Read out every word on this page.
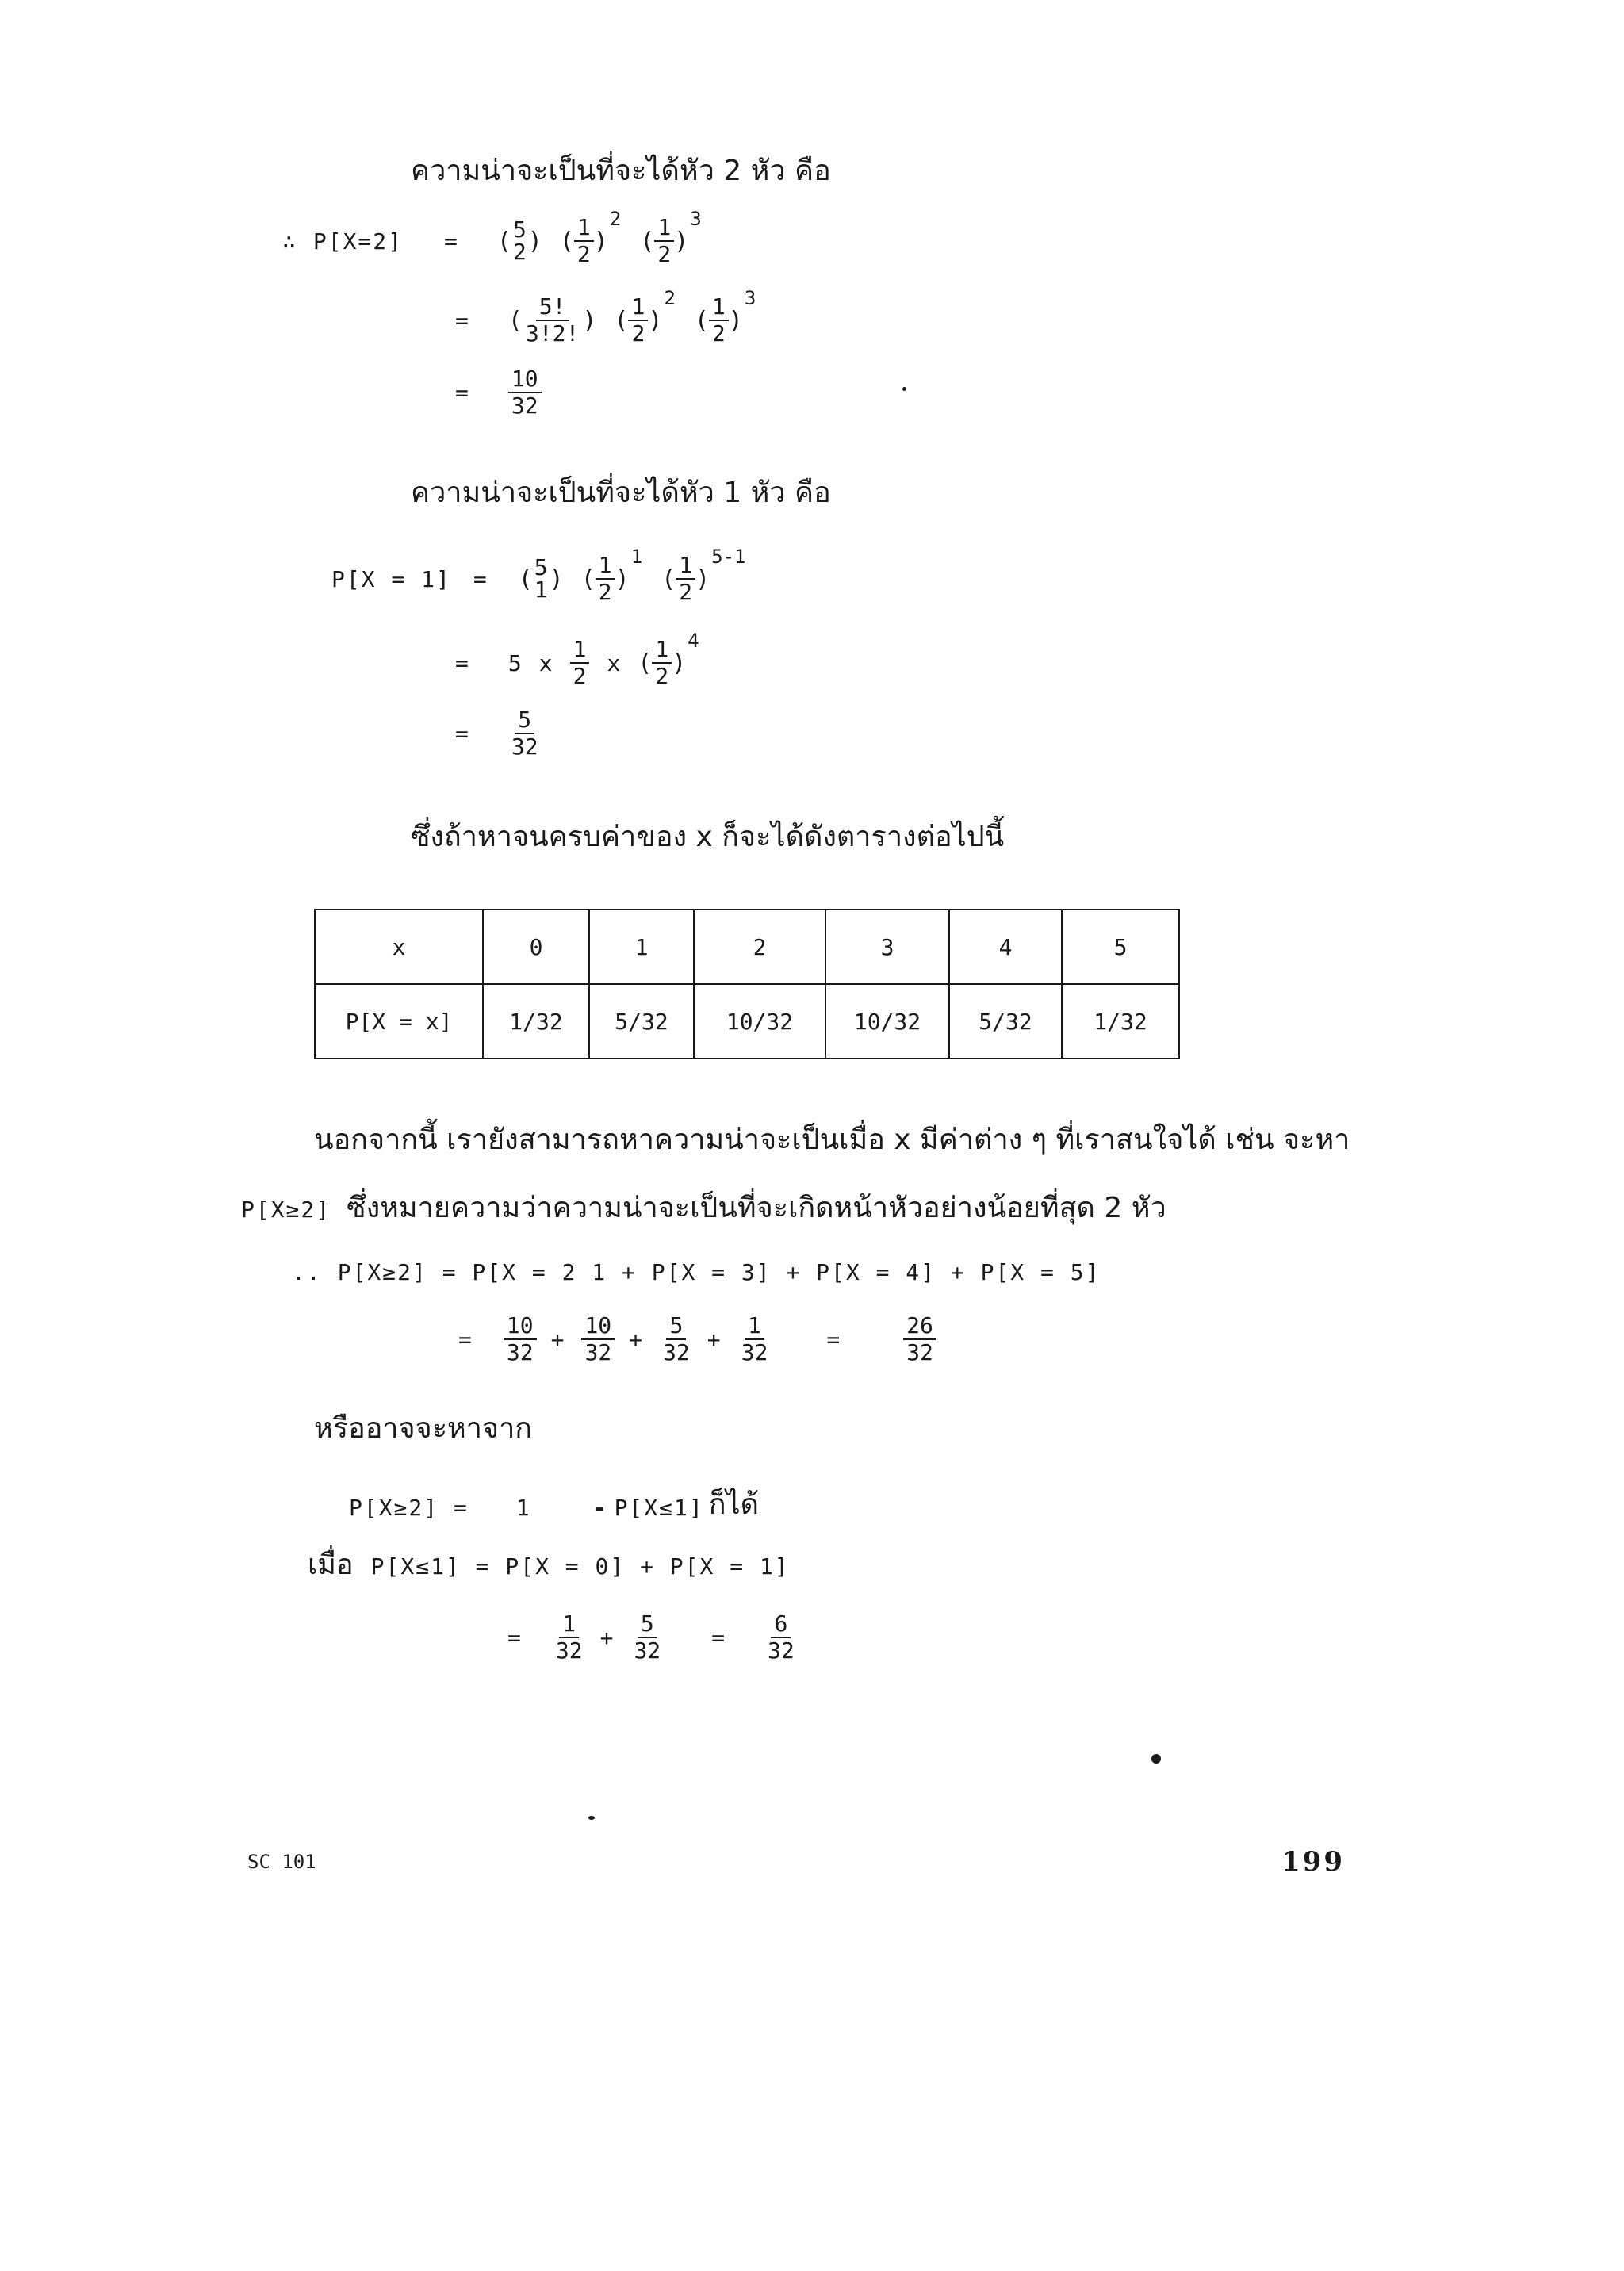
ความน่าจะเป็นที่จะได้หัว 2 หัว คือ
∴ P[X=2] = ( 5
2 ) ( $\frac{1}{2} )2( \frac{1}{2} )3$
= ( $\frac{5!}{3!2!}$ ) ( $\frac{1}{2} )2( \frac{1}{2} )3$
= $\frac{10}{32}$
ความน่าจะเป็นที่จะได้หัว 1 หัว คือ
P[X = 1] = ( 5
1 ) ( $\frac{1}{2} )1( \frac{1}{2} )5-1$
= 5 x $\frac{1}{2}$ x ( $\frac{1}{2} )4$
= $\frac{5}{32}$
ซึ่งถ้าหาจนครบค่าของ x ก็จะได้ดังตารางต่อไปนี้
x	0	1	2	3	4	5
P[X = x]	1/32	5/32	10/32	10/32	5/32	1/32
นอกจากนี้ เรายังสามารถหาความน่าจะเป็นเมื่อ x มีค่าต่าง ๆ ที่เราสนใจได้ เช่น จะหา
P[X≥2] ซึ่งหมายความว่าความน่าจะเป็นที่จะเกิดหน้าหัวอย่างน้อยที่สุด 2 หัว
.. P[X≥2] = P[X = 2 1 + P[X = 3] + P[X = 4] + P[X = 5]
= $\frac{10}{32} + \frac{10}{32} + \frac{5}{32} + \frac{1}{32}$	=	$\frac{26}{32}$
หรืออาจจะหาจาก
P[X≥2] = 1	- P[X≤1] ก็ได้
เมื่อ P[X≤1] = P[X = 0] + P[X = 1]
= $\frac{1}{32} + \frac{5}{32} = \frac{6}{32}$
SC 101	199
